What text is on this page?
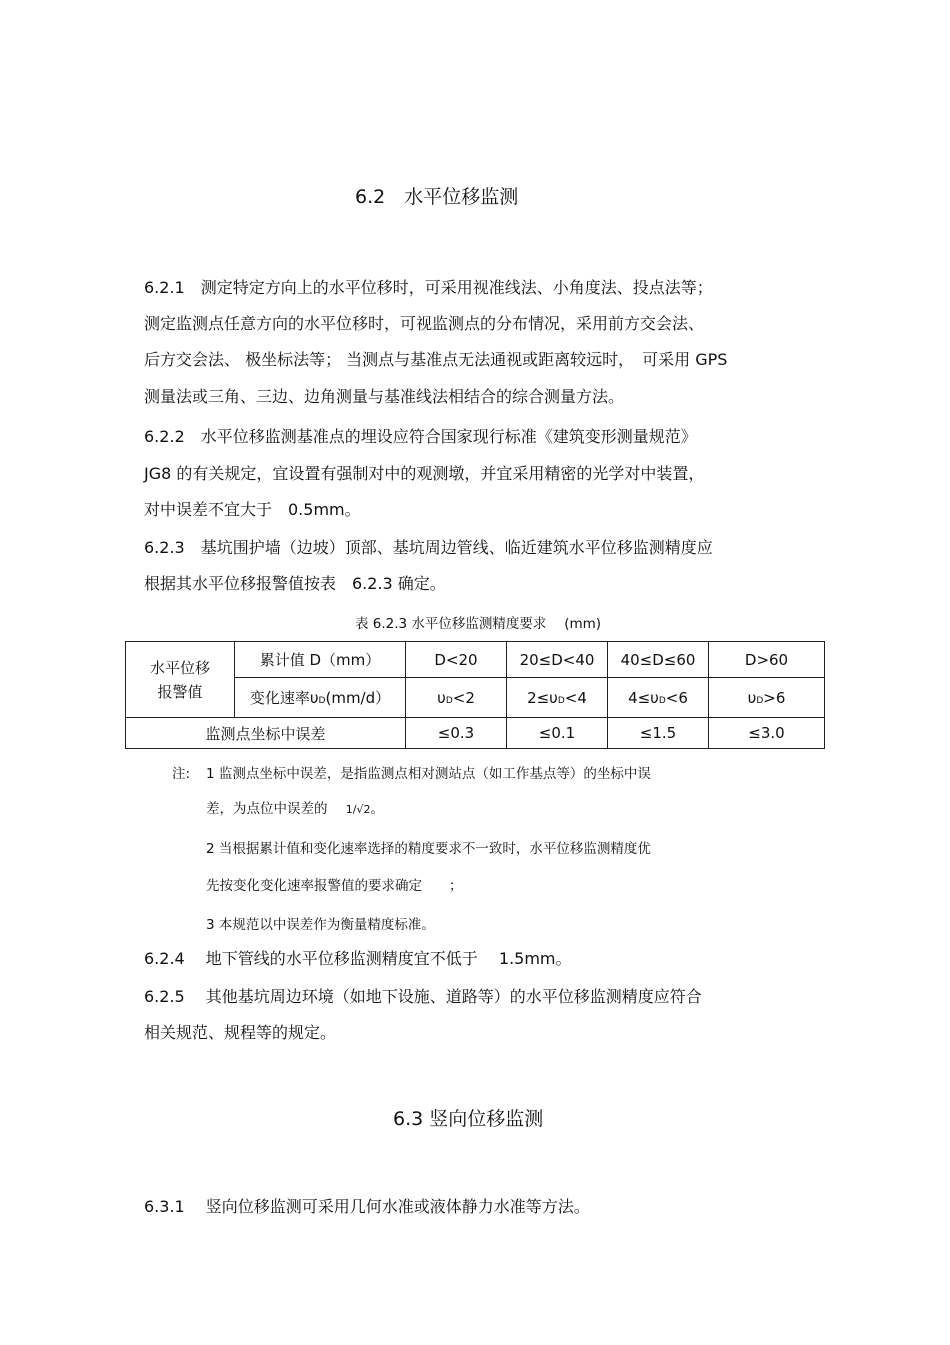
6.2　水平位移监测
6.2.1　测定特定方向上的水平位移时，可采用视准线法、小角度法、投点法等；
测定监测点任意方向的水平位移时，可视监测点的分布情况，采用前方交会法、
后方交会法、 极坐标法等； 当测点与基准点无法通视或距离较远时，　可采用 GPS
测量法或三角、三边、边角测量与基准线法相结合的综合测量方法。
6.2.2　水平位移监测基准点的埋设应符合国家现行标准《建筑变形测量规范》
JG8 的有关规定，宜设置有强制对中的观测墩，并宜采用精密的光学对中装置，
对中误差不宜大于　0.5mm。
6.2.3　基坑围护墙（边坡）顶部、基坑周边管线、临近建筑水平位移监测精度应
根据其水平位移报警值按表　6.2.3 确定。
表 6.2.3 水平位移监测精度要求　 (mm)
水平位移
报警值	累计值 D（mm）	D<20	20≤D<40	40≤D≤60	D>60
	变化速率υD(mm/d）	υD<2	2≤υD<4	4≤υD<6	υD>6
监测点坐标中误差		≤0.3	≤0.1	≤1.5	≤3.0
注: 1 监测点坐标中误差，是指监测点相对测站点（如工作基点等）的坐标中误
差，为点位中误差的 1/√2。
2 当根据累计值和变化速率选择的精度要求不一致时，水平位移监测精度优
先按变化变化速率报警值的要求确定　　；
3 本规范以中误差作为衡量精度标准。
6.2.4　 地下管线的水平位移监测精度宜不低于　 1.5mm。
6.2.5　 其他基坑周边环境（如地下设施、道路等）的水平位移监测精度应符合
相关规范、规程等的规定。
6.3 竖向位移监测
6.3.1　 竖向位移监测可采用几何水准或液体静力水准等方法。
